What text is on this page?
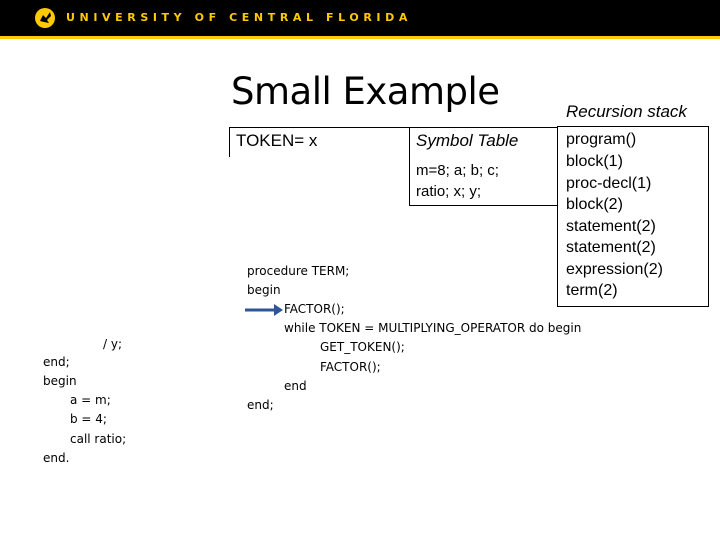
UNIVERSITY OF CENTRAL FLORIDA
Small Example	Recursion stack
TOKEN= x	Symbol Table
m=8; a; b; c;
ratio; x; y;
program()
block(1)
proc-decl(1)
block(2)
statement(2)
statement(2)
expression(2)
term(2)
/ y;
end;
begin
a = m;
b = 4;
call ratio;
end.
procedure TERM;
begin
FACTOR();
while TOKEN = MULTIPLYING_OPERATOR do begin
GET_TOKEN();
FACTOR();
end
end;
